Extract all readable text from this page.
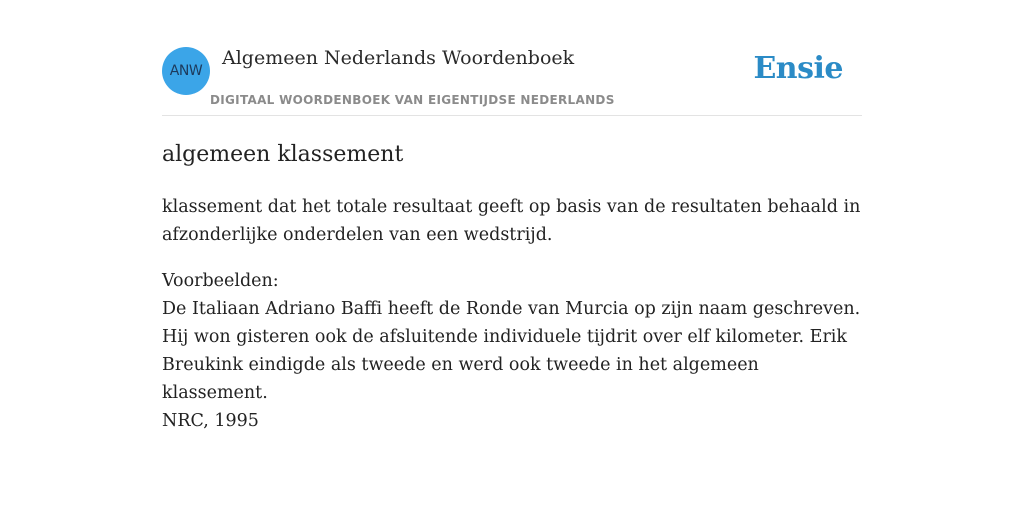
ANW
Algemeen Nederlands Woordenboek
DIGITAAL WOORDENBOEK VAN EIGENTIJDSE NEDERLANDS
Ensie
algemeen klassement

klassement dat het totale resultaat geeft op basis van de resultaten behaald in afzonderlijke onderdelen van een wedstrijd.

Voorbeelden:
De Italiaan Adriano Baffi heeft de Ronde van Murcia op zijn naam geschreven. Hij won gisteren ook de afsluitende individuele tijdrit over elf kilometer. Erik Breukink eindigde als tweede en werd ook tweede in het algemeen klassement.
NRC, 1995
